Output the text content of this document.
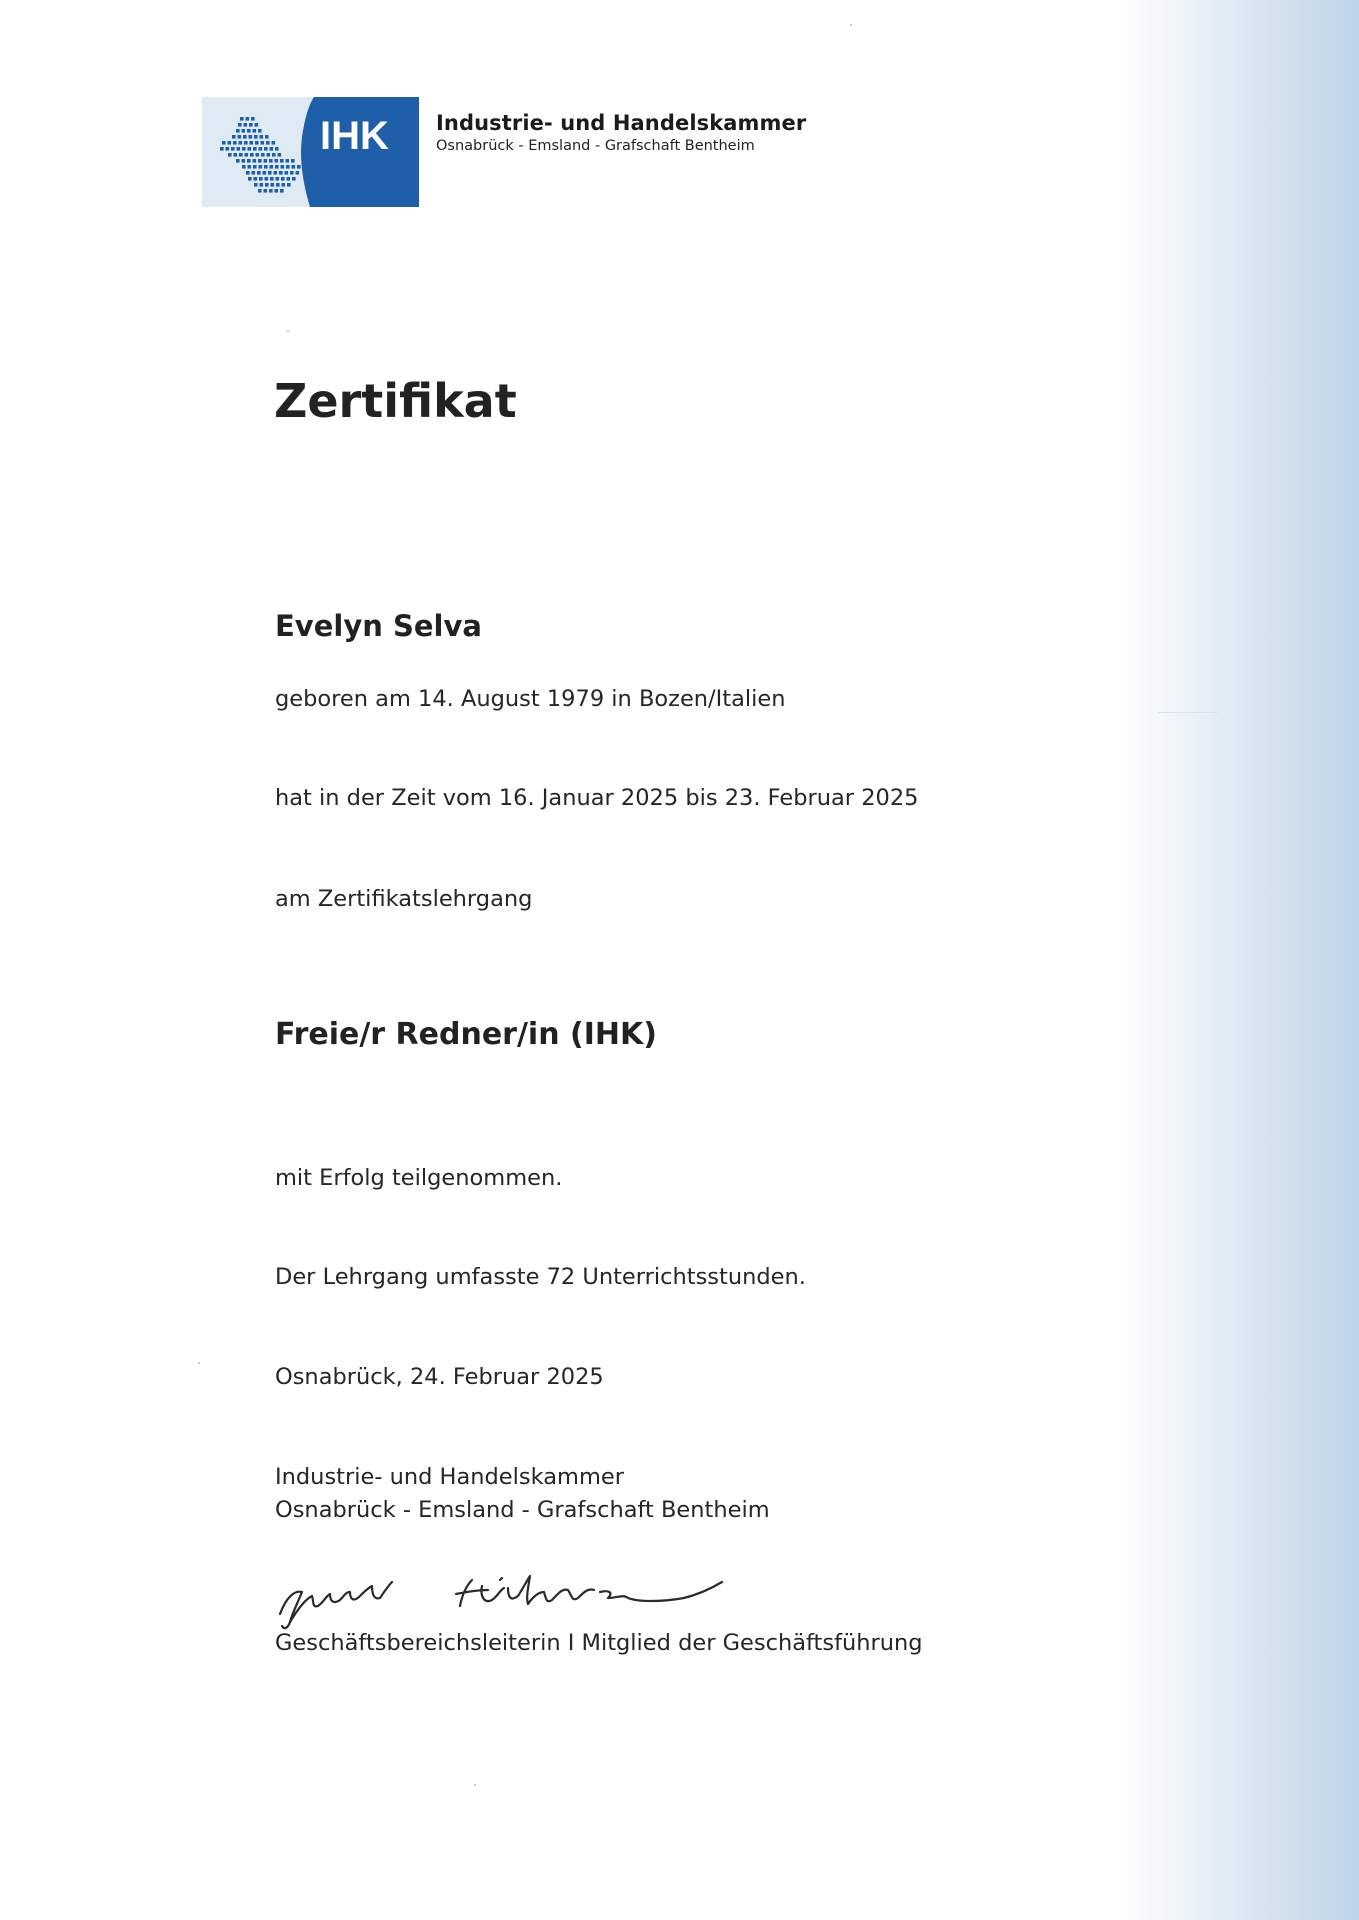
IHK Industrie- und Handelskammer
Osnabrück - Emsland - Grafschaft Bentheim
Zertifikat
Evelyn Selva

geboren am 14. August 1979 in Bozen/Italien

hat in der Zeit vom 16. Januar 2025 bis 23. Februar 2025

am Zertifikatslehrgang

Freie/r Redner/in (IHK)

mit Erfolg teilgenommen.

Der Lehrgang umfasste 72 Unterrichtsstunden.

Osnabrück, 24. Februar 2025

Industrie- und Handelskammer

Osnabrück - Emsland - Grafschaft Bentheim

Geschäftsbereichsleiterin I Mitglied der Geschäftsführung
